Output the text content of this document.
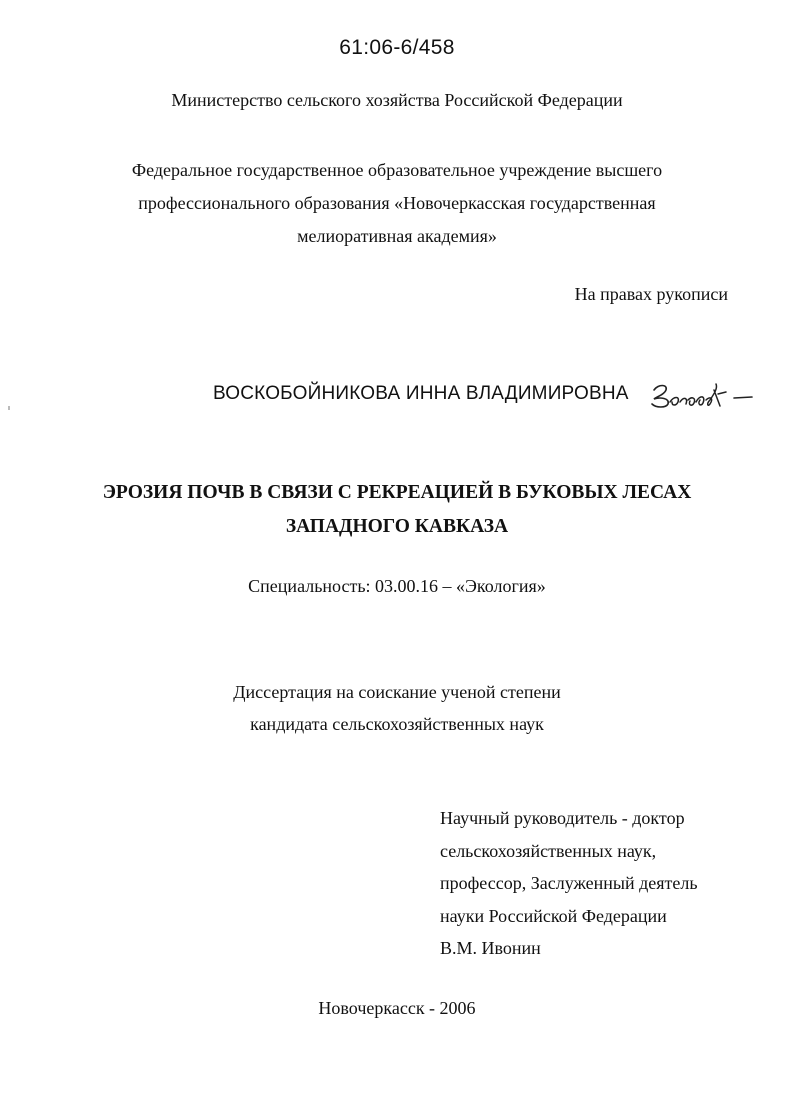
61:06-6/458
Министерство сельского хозяйства Российской Федерации
Федеральное государственное образовательное учреждение высшего
профессионального образования «Новочеркасская государственная
мелиоративная академия»
На правах рукописи
ВОСКОБОЙНИКОВА ИННА ВЛАДИМИРОВНА
ЭРОЗИЯ ПОЧВ В СВЯЗИ С РЕКРЕАЦИЕЙ В БУКОВЫХ ЛЕСАХ
ЗАПАДНОГО КАВКАЗА
Специальность: 03.00.16 – «Экология»
Диссертация на соискание ученой степени
кандидата сельскохозяйственных наук
Научный руководитель - доктор
сельскохозяйственных наук,
профессор, Заслуженный деятель
науки Российской Федерации
В.М. Ивонин
Новочеркасск - 2006
